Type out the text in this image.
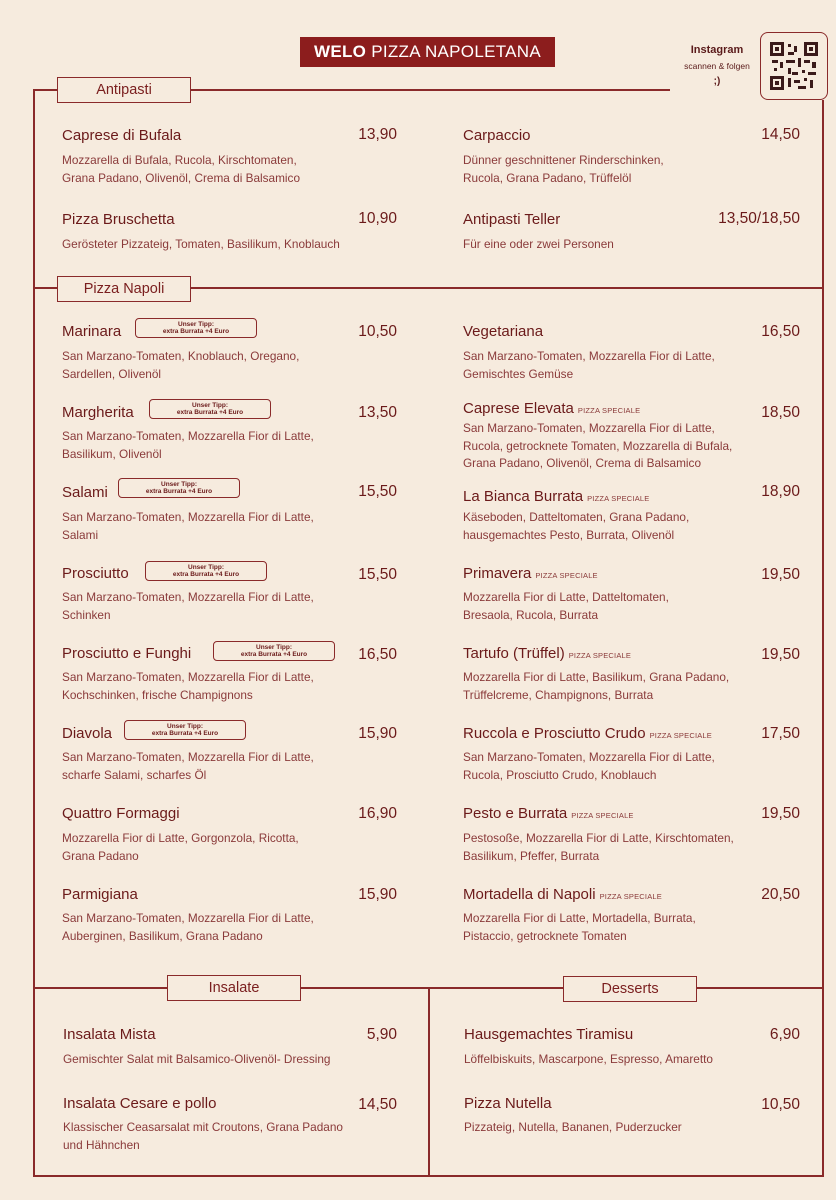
WELO PIZZA NAPOLETANA	Instagram
scannen & folgen
;)
Antipasti
Pizza Napoli
Insalate	Desserts
Caprese di Bufala	13,90
Mozzarella di Bufala, Rucola, Kirschtomaten,
Grana Padano, Olivenöl, Crema di Balsamico
Carpaccio	14,50
Dünner geschnittener Rinderschinken,
Rucola, Grana Padano, Trüffelöl
Pizza Bruschetta	10,90
Gerösteter Pizzateig, Tomaten, Basilikum, Knoblauch
Antipasti Teller	13,50/18,50
Für eine oder zwei Personen
Marinara	Unser Tipp:
extra Burrata +4 Euro	10,50
San Marzano-Tomaten, Knoblauch, Oregano,
Sardellen, Olivenöl
Margherita	Unser Tipp:
extra Burrata +4 Euro	13,50
San Marzano-Tomaten, Mozzarella Fior di Latte,
Basilikum, Olivenöl
Salami	Unser Tipp:
extra Burrata +4 Euro	15,50
San Marzano-Tomaten, Mozzarella Fior di Latte,
Salami
Prosciutto	Unser Tipp:
extra Burrata +4 Euro	15,50
San Marzano-Tomaten, Mozzarella Fior di Latte,
Schinken
Prosciutto e Funghi	Unser Tipp:
extra Burrata +4 Euro	16,50
San Marzano-Tomaten, Mozzarella Fior di Latte,
Kochschinken, frische Champignons
Diavola	Unser Tipp:
extra Burrata +4 Euro	15,90
San Marzano-Tomaten, Mozzarella Fior di Latte,
scharfe Salami, scharfes Öl
Quattro Formaggi	16,90
Mozzarella Fior di Latte, Gorgonzola, Ricotta,
Grana Padano
Parmigiana	15,90
San Marzano-Tomaten, Mozzarella Fior di Latte,
Auberginen, Basilikum, Grana Padano
Vegetariana	16,50
San Marzano-Tomaten, Mozzarella Fior di Latte,
Gemischtes Gemüse
Caprese Elevata PIZZA SPECIALE	18,50
San Marzano-Tomaten, Mozzarella Fior di Latte,
Rucola, getrocknete Tomaten, Mozzarella di Bufala,
Grana Padano, Olivenöl, Crema di Balsamico
La Bianca Burrata PIZZA SPECIALE	18,90
Käseboden, Datteltomaten, Grana Padano,
hausgemachtes Pesto, Burrata, Olivenöl
Primavera PIZZA SPECIALE	19,50
Mozzarella Fior di Latte, Datteltomaten,
Bresaola, Rucola, Burrata
Tartufo (Trüffel) PIZZA SPECIALE	19,50
Mozzarella Fior di Latte, Basilikum, Grana Padano,
Trüffelcreme, Champignons, Burrata
Ruccola e Prosciutto Crudo PIZZA SPECIALE	17,50
San Marzano-Tomaten, Mozzarella Fior di Latte,
Rucola, Prosciutto Crudo, Knoblauch
Pesto e Burrata PIZZA SPECIALE	19,50
Pestosoße, Mozzarella Fior di Latte, Kirschtomaten,
Basilikum, Pfeffer, Burrata
Mortadella di Napoli PIZZA SPECIALE	20,50
Mozzarella Fior di Latte, Mortadella, Burrata,
Pistaccio, getrocknete Tomaten
Insalata Mista	5,90
Gemischter Salat mit Balsamico-Olivenöl- Dressing
Insalata Cesare e pollo	14,50
Klassischer Ceasarsalat mit Croutons, Grana Padano
und Hähnchen
Hausgemachtes Tiramisu	6,90
Löffelbiskuits, Mascarpone, Espresso, Amaretto
Pizza Nutella	10,50
Pizzateig, Nutella, Bananen, Puderzucker
